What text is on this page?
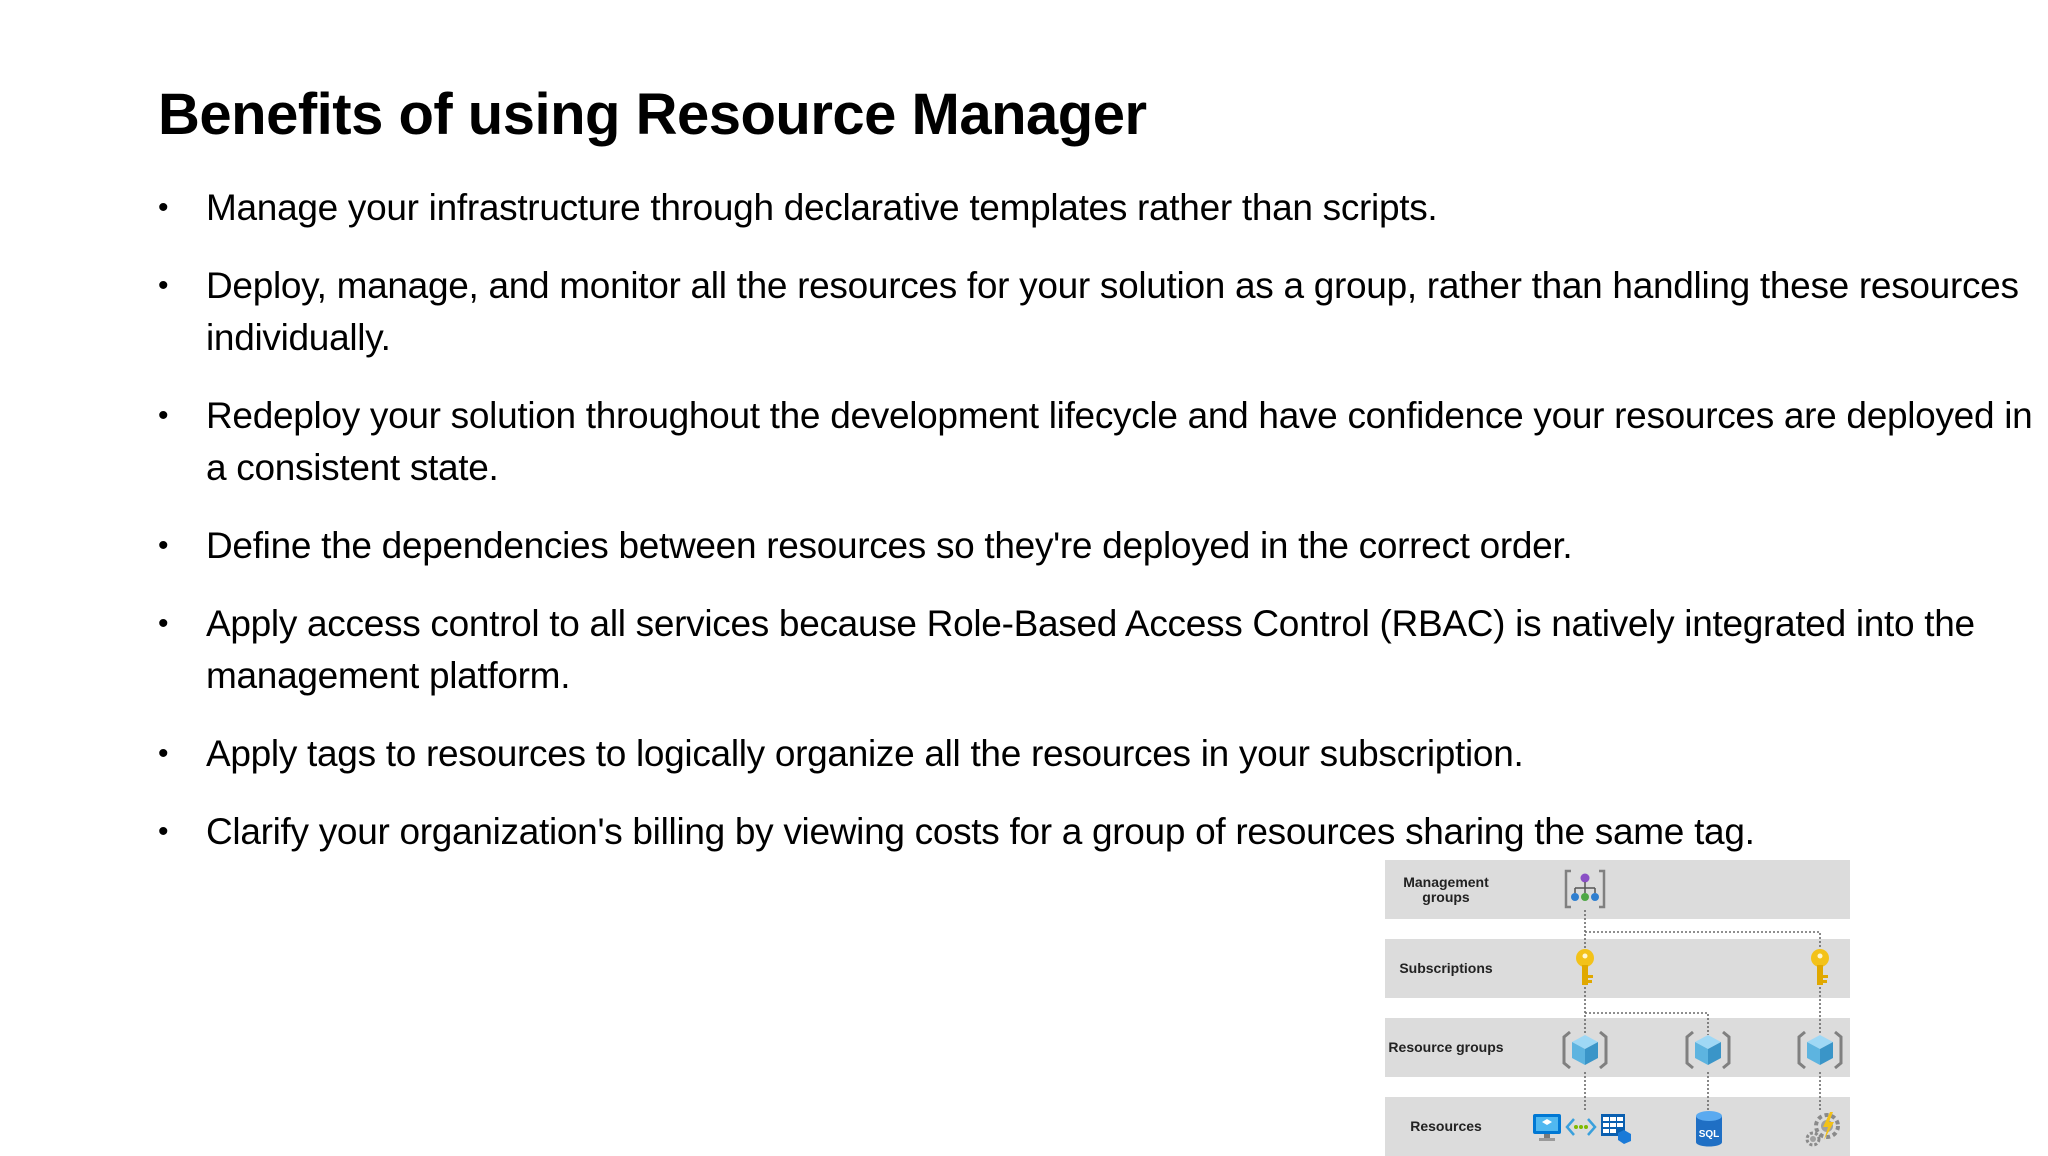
Benefits of using Resource Manager
• Manage your infrastructure through declarative templates rather than scripts.
• Deploy, manage, and monitor all the resources for your solution as a group, rather than handling these resources individually.
• Redeploy your solution throughout the development lifecycle and have confidence your resources are deployed in a consistent state.
• Define the dependencies between resources so they're deployed in the correct order.
• Apply access control to all services because Role-Based Access Control (RBAC) is natively integrated into the management platform.
• Apply tags to resources to logically organize all the resources in your subscription.
• Clarify your organization's billing by viewing costs for a group of resources sharing the same tag.
Management groups
Subscriptions
Resource groups
Resources
SQL
